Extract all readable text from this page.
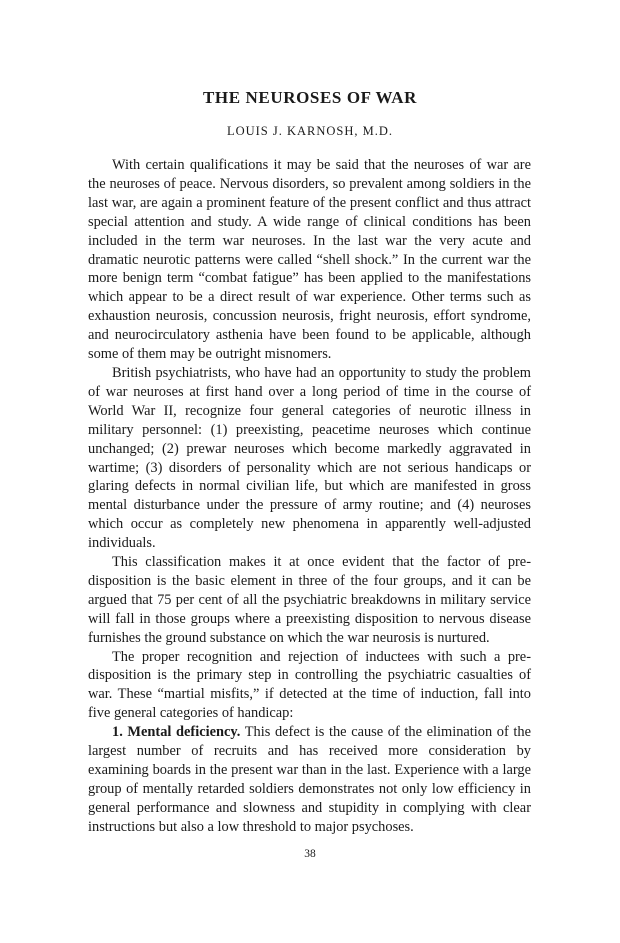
THE NEUROSES OF WAR

LOUIS J. KARNOSH, M.D.

With certain qualifications it may be said that the neuroses of war are the neuroses of peace. Nervous disorders, so prevalent among soldiers in the last war, are again a prominent feature of the present conflict and thus attract special attention and study. A wide range of clinical conditions has been included in the term war neuroses. In the last war the very acute and dramatic neurotic patterns were called “shell shock.” In the current war the more benign term “combat fatigue” has been applied to the manifestations which appear to be a direct result of war experience. Other terms such as exhaustion neurosis, concussion neurosis, fright neurosis, effort syndrome, and neurocirculatory asthenia have been found to be applicable, although some of them may be outright misnomers.

British psychiatrists, who have had an opportunity to study the problem of war neuroses at first hand over a long period of time in the course of World War II, recognize four general categories of neurotic illness in military personnel: (1) preexisting, peacetime neuroses which continue unchanged; (2) prewar neuroses which become markedly aggravated in wartime; (3) disorders of personality which are not serious handicaps or glaring defects in normal civilian life, but which are manifested in gross mental disturbance under the pressure of army routine; and (4) neuroses which occur as completely new phenomena in apparently well-adjusted individuals.

This classification makes it at once evident that the factor of predisposition is the basic element in three of the four groups, and it can be argued that 75 per cent of all the psychiatric breakdowns in military service will fall in those groups where a preexisting disposition to nervous disease furnishes the ground substance on which the war neurosis is nurtured.

The proper recognition and rejection of inductees with such a predisposition is the primary step in controlling the psychiatric casualties of war. These “martial misfits,” if detected at the time of induction, fall into five general categories of handicap:

1. Mental deficiency. This defect is the cause of the elimination of the largest number of recruits and has received more consideration by examining boards in the present war than in the last. Experience with a large group of mentally retarded soldiers demonstrates not only low efficiency in general performance and slowness and stupidity in complying with clear instructions but also a low threshold to major psychoses.

38
